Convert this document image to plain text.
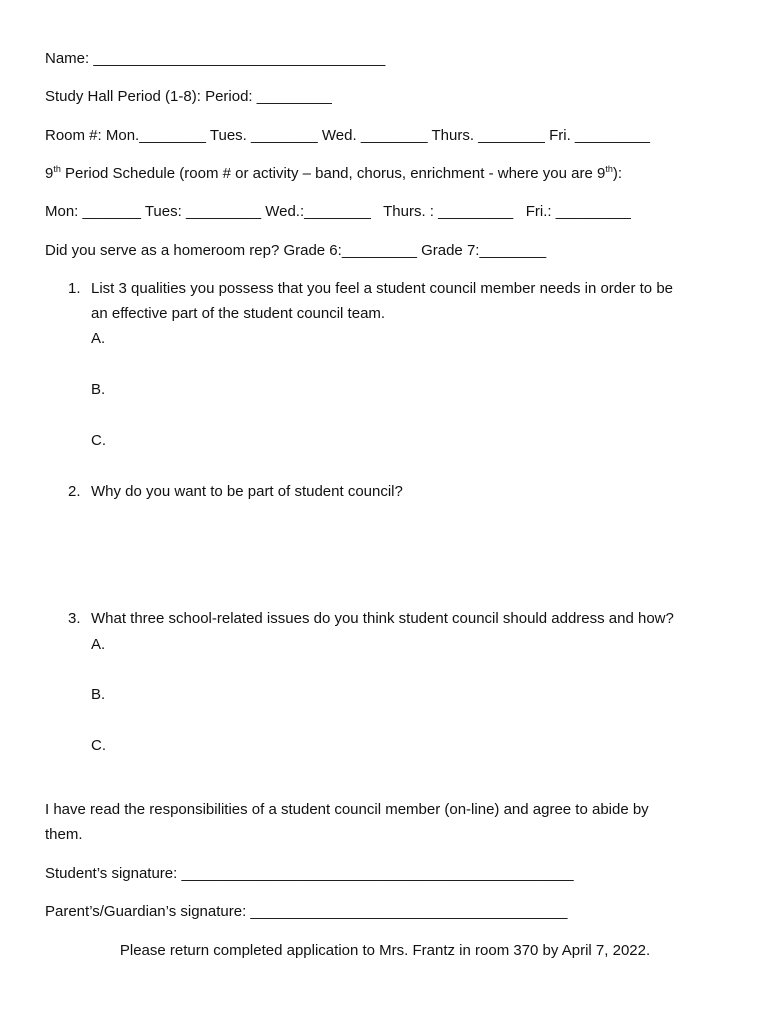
Name: ___________________________________
Study Hall Period (1-8): Period: _________
Room #: Mon.________ Tues. ________ Wed. ________ Thurs. ________ Fri. _________
9th Period Schedule (room # or activity – band, chorus, enrichment - where you are 9th):
Mon: _______ Tues: _________ Wed.:________   Thurs. : _________   Fri.: _________
Did you serve as a homeroom rep? Grade 6:_________ Grade 7:________
1. List 3 qualities you possess that you feel a student council member needs in order to be
an effective part of the student council team.
A.
B.
C.
2. Why do you want to be part of student council?
3. What three school-related issues do you think student council should address and how?
A.
B.
C.
I have read the responsibilities of a student council member (on-line) and agree to abide by
them.
Student’s signature: _______________________________________________
Parent’s/Guardian’s signature: ______________________________________
Please return completed application to Mrs. Frantz in room 370 by April 7, 2022.
